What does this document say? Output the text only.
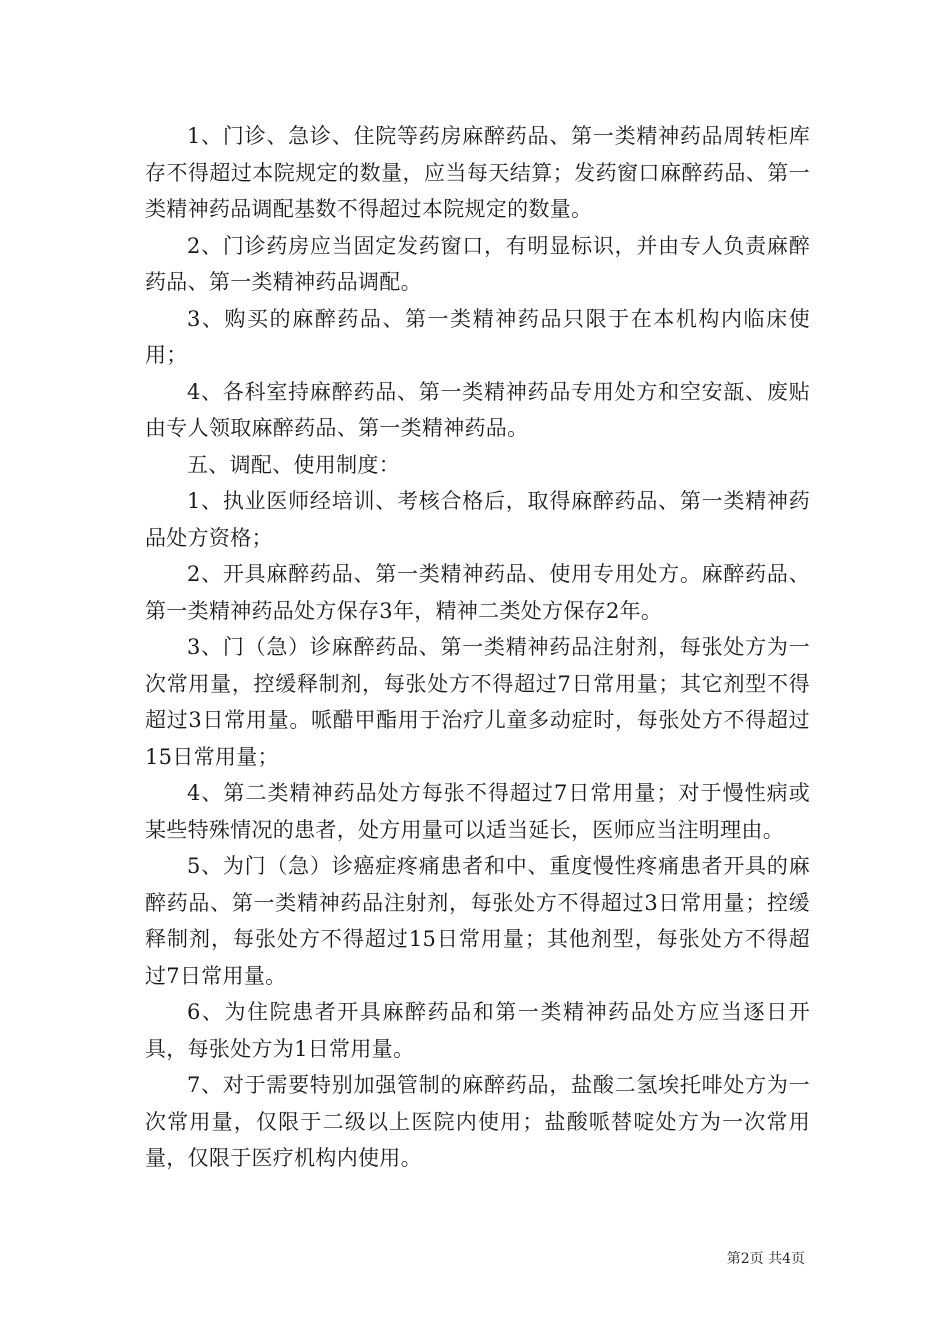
1、门诊、急诊、住院等药房麻醉药品、第一类精神药品周转柜库存不得超过本院规定的数量，应当每天结算；发药窗口麻醉药品、第一类精神药品调配基数不得超过本院规定的数量。

2、门诊药房应当固定发药窗口，有明显标识，并由专人负责麻醉药品、第一类精神药品调配。

3、购买的麻醉药品、第一类精神药品只限于在本机构内临床使用；

4、各科室持麻醉药品、第一类精神药品专用处方和空安瓿、废贴由专人领取麻醉药品、第一类精神药品。

五、调配、使用制度：

1、执业医师经培训、考核合格后，取得麻醉药品、第一类精神药品处方资格；

2、开具麻醉药品、第一类精神药品、使用专用处方。麻醉药品、第一类精神药品处方保存3年，精神二类处方保存2年。

3、门（急）诊麻醉药品、第一类精神药品注射剂，每张处方为一次常用量，控缓释制剂，每张处方不得超过7日常用量；其它剂型不得超过3日常用量。哌醋甲酯用于治疗儿童多动症时，每张处方不得超过15日常用量；

4、第二类精神药品处方每张不得超过7日常用量；对于慢性病或某些特殊情况的患者，处方用量可以适当延长，医师应当注明理由。

5、为门（急）诊癌症疼痛患者和中、重度慢性疼痛患者开具的麻醉药品、第一类精神药品注射剂，每张处方不得超过3日常用量；控缓释制剂，每张处方不得超过15日常用量；其他剂型，每张处方不得超过7日常用量。

6、为住院患者开具麻醉药品和第一类精神药品处方应当逐日开具，每张处方为1日常用量。

7、对于需要特别加强管制的麻醉药品，盐酸二氢埃托啡处方为一次常用量，仅限于二级以上医院内使用；盐酸哌替啶处方为一次常用量，仅限于医疗机构内使用。

第2页 共4页
